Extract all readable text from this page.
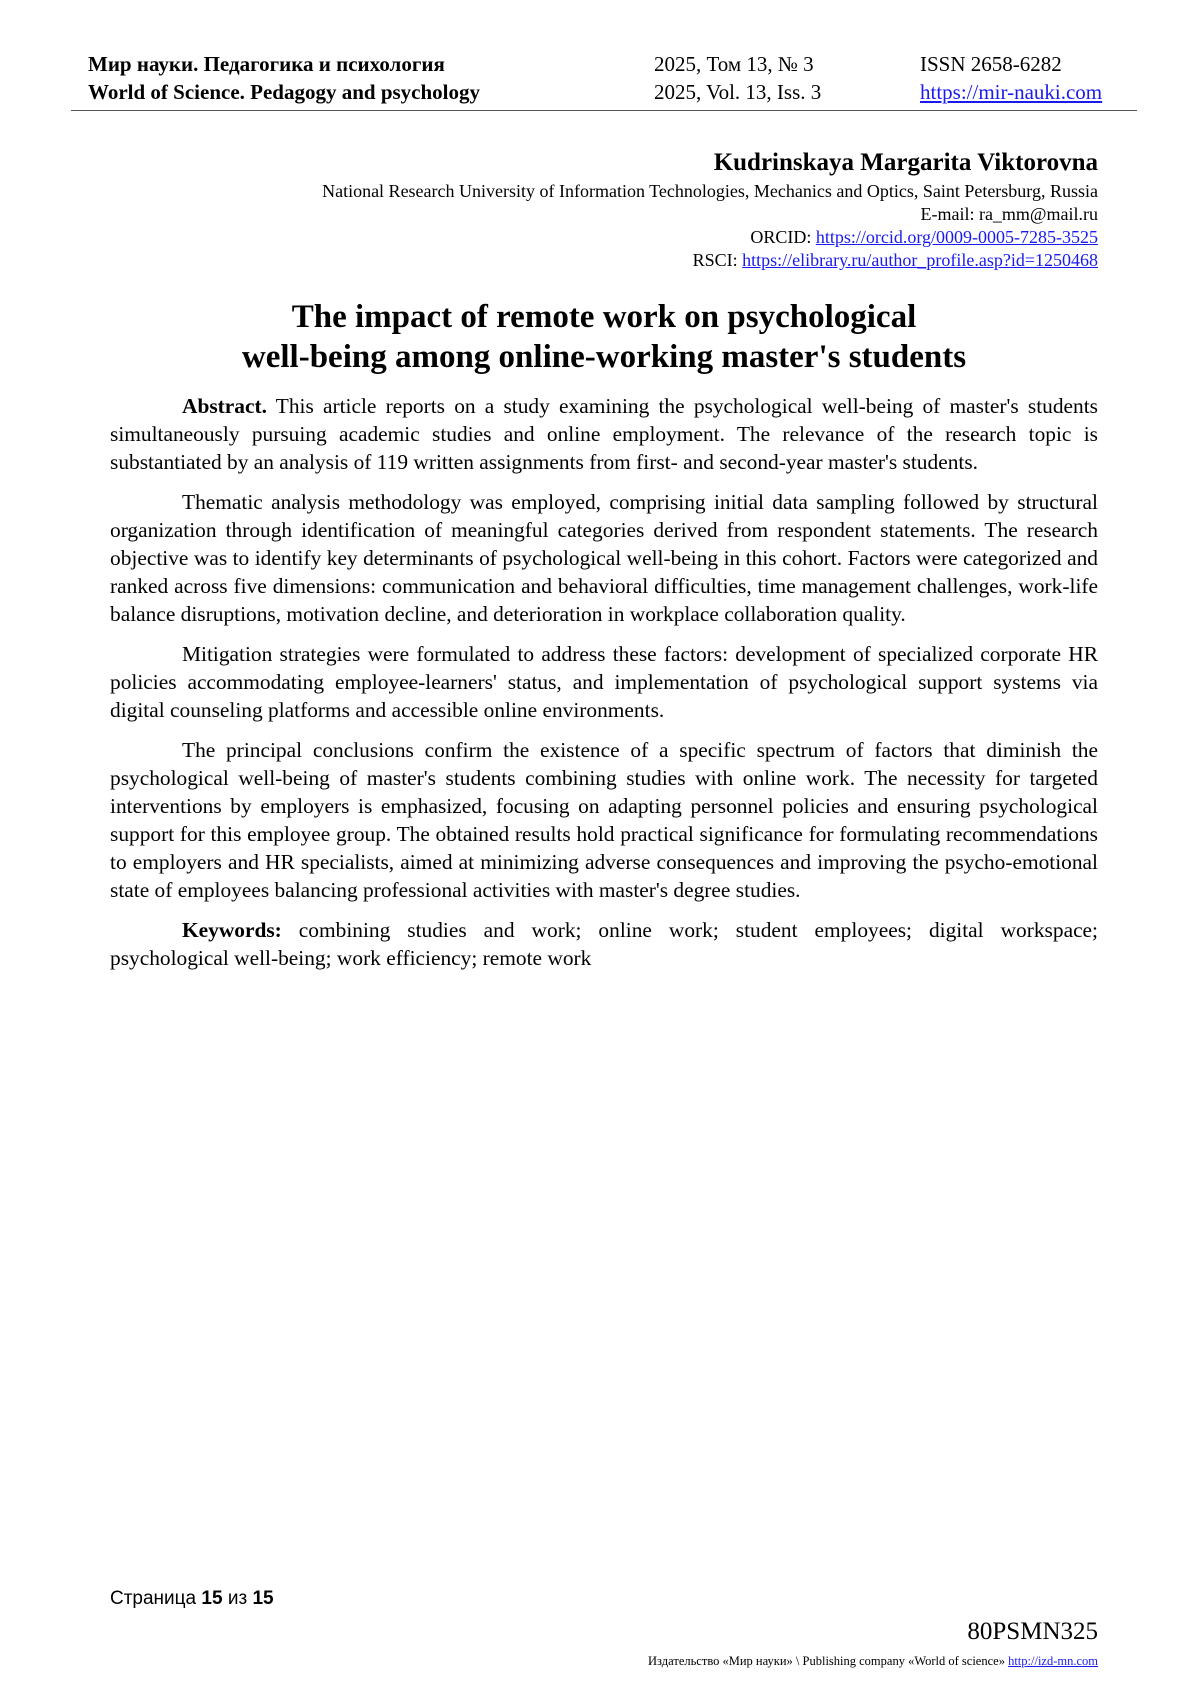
Мир науки. Педагогика и психология	2025, Том 13, № 3	ISSN 2658-6282
World of Science. Pedagogy and psychology	2025, Vol. 13, Iss. 3	https://mir-nauki.com
Kudrinskaya Margarita Viktorovna
National Research University of Information Technologies, Mechanics and Optics, Saint Petersburg, Russia
E-mail: ra_mm@mail.ru
ORCID: https://orcid.org/0009-0005-7285-3525
RSCI: https://elibrary.ru/author_profile.asp?id=1250468
The impact of remote work on psychological
well-being among online-working master's students

Abstract. This article reports on a study examining the psychological well-being of master's students simultaneously pursuing academic studies and online employment. The relevance of the research topic is substantiated by an analysis of 119 written assignments from first- and second-year master's students.

Thematic analysis methodology was employed, comprising initial data sampling followed by structural organization through identification of meaningful categories derived from respondent statements. The research objective was to identify key determinants of psychological well-being in this cohort. Factors were categorized and ranked across five dimensions: communication and behavioral difficulties, time management challenges, work-life balance disruptions, motivation decline, and deterioration in workplace collaboration quality.

Mitigation strategies were formulated to address these factors: development of specialized corporate HR policies accommodating employee-learners' status, and implementation of psychological support systems via digital counseling platforms and accessible online environments.

The principal conclusions confirm the existence of a specific spectrum of factors that diminish the psychological well-being of master's students combining studies with online work. The necessity for targeted interventions by employers is emphasized, focusing on adapting personnel policies and ensuring psychological support for this employee group. The obtained results hold practical significance for formulating recommendations to employers and HR specialists, aimed at minimizing adverse consequences and improving the psycho-emotional state of employees balancing professional activities with master's degree studies.

Keywords: combining studies and work; online work; student employees; digital workspace; psychological well-being; work efficiency; remote work

Страница 15 из 15
80PSMN325
Издательство «Мир науки» \ Publishing company «World of science» http://izd-mn.com
